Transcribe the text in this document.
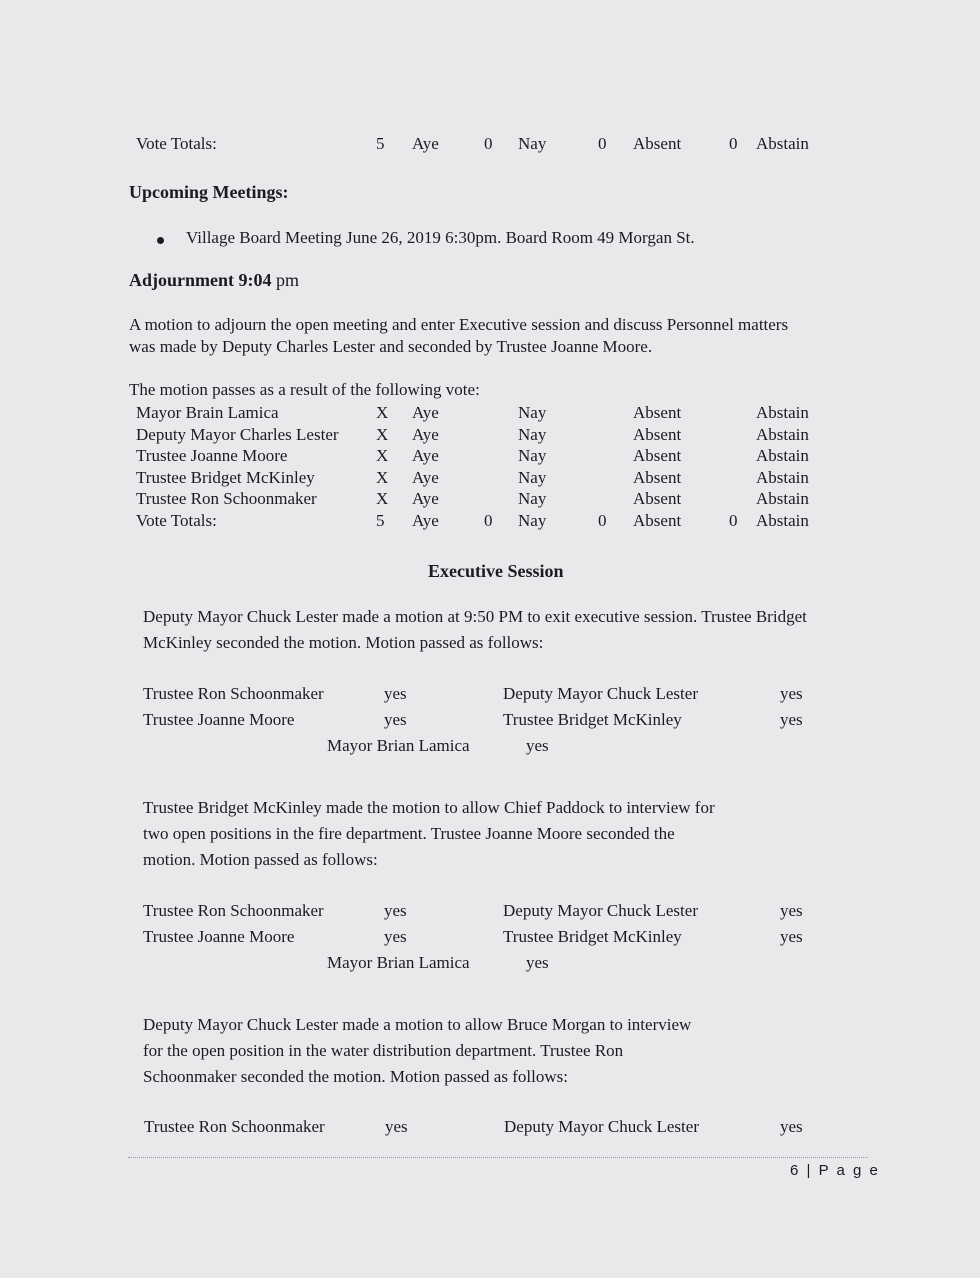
Vote Totals:	5 Aye	0 Nay	0 Absent	0 Abstain
Upcoming Meetings:
Village Board Meeting June 26, 2019 6:30pm. Board Room 49 Morgan St.
Adjournment 9:04 pm
A motion to adjourn the open meeting and enter Executive session and discuss Personnel matters
was made by Deputy Charles Lester and seconded by Trustee Joanne Moore.
The motion passes as a result of the following vote:
Mayor Brain Lamica	X Aye	Nay	Absent	Abstain
Deputy Mayor Charles Lester X Aye	Nay	Absent	Abstain
Trustee Joanne Moore	X Aye	Nay	Absent	Abstain
Trustee Bridget McKinley	X Aye	Nay	Absent	Abstain
Trustee Ron Schoonmaker	X Aye	Nay	Absent	Abstain
Vote Totals:	5 Aye	0 Nay	0 Absent	0 Abstain
Executive Session
Deputy Mayor Chuck Lester made a motion at 9:50 PM to exit executive session. Trustee Bridget
McKinley seconded the motion. Motion passed as follows:
Trustee Ron Schoonmaker	yes	Deputy Mayor Chuck Lester	yes
Trustee Joanne Moore	yes	Trustee Bridget McKinley	yes
Mayor Brian Lamica	yes
Trustee Bridget McKinley made the motion to allow Chief Paddock to interview for
two open positions in the fire department. Trustee Joanne Moore seconded the
motion. Motion passed as follows:
Trustee Ron Schoonmaker	yes	Deputy Mayor Chuck Lester	yes
Trustee Joanne Moore	yes	Trustee Bridget McKinley	yes
Mayor Brian Lamica	yes
Deputy Mayor Chuck Lester made a motion to allow Bruce Morgan to interview
for the open position in the water distribution department. Trustee Ron
Schoonmaker seconded the motion. Motion passed as follows:
Trustee Ron Schoonmaker	yes	Deputy Mayor Chuck Lester	yes
6 | P a g e
